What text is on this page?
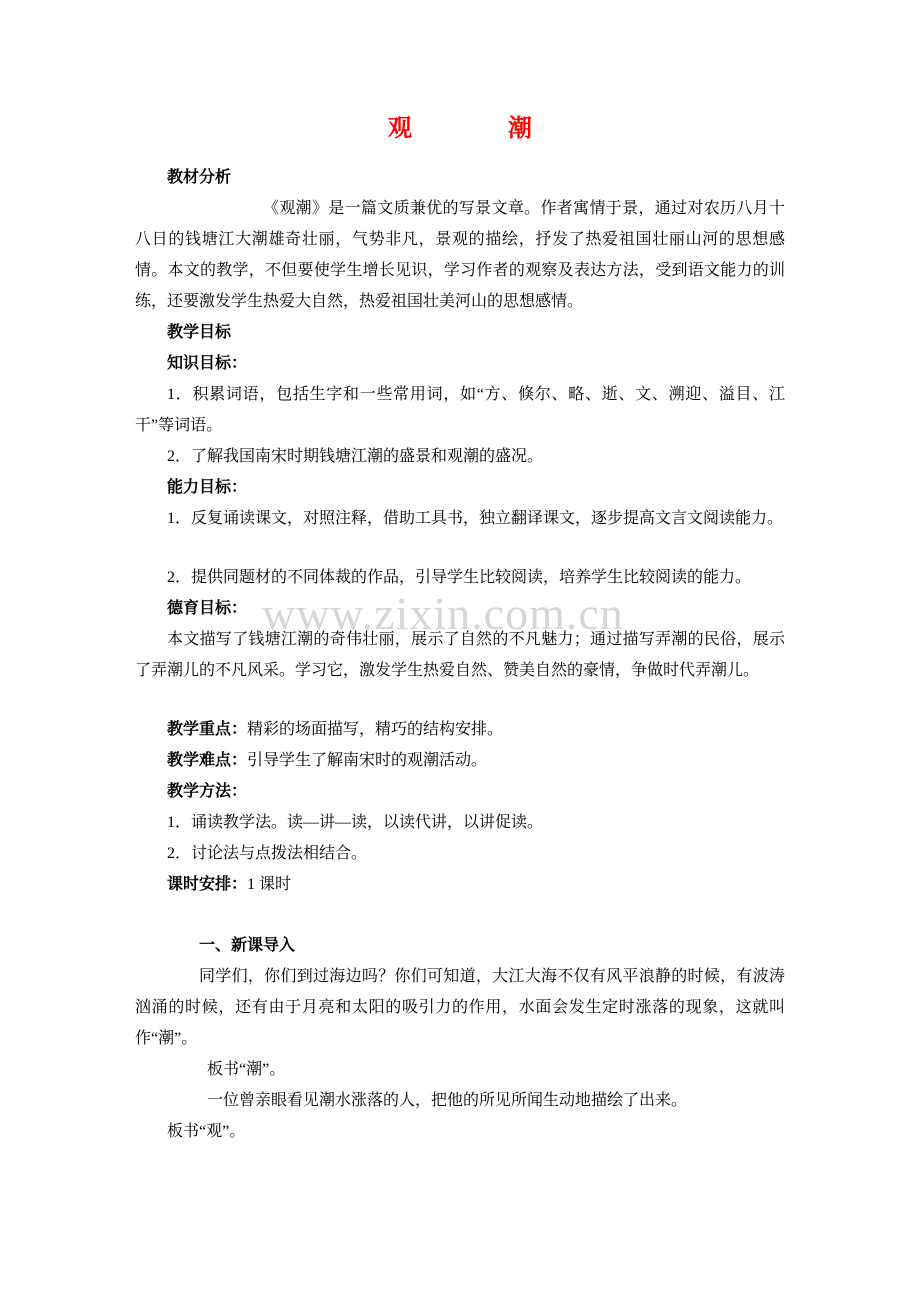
www.zixin.com.cn
观　　　　潮

教材分析

《观潮》是一篇文质兼优的写景文章。作者寓情于景，通过对农历八月十八日的钱塘江大潮雄奇壮丽，气势非凡，景观的描绘，抒发了热爱祖国壮丽山河的思想感情。本文的教学，不但要使学生增长见识，学习作者的观察及表达方法，受到语文能力的训练，还要激发学生热爱大自然，热爱祖国壮美河山的思想感情。

教学目标

知识目标：

1．积累词语，包括生字和一些常用词，如“方、倏尔、略、逝、文、溯迎、溢目、江干”等词语。

2．了解我国南宋时期钱塘江潮的盛景和观潮的盛况。

能力目标：

1．反复诵读课文，对照注释，借助工具书，独立翻译课文，逐步提高文言文阅读能力。

2．提供同题材的不同体裁的作品，引导学生比较阅读，培养学生比较阅读的能力。

德育目标：

本文描写了钱塘江潮的奇伟壮丽，展示了自然的不凡魅力；通过描写弄潮的民俗，展示了弄潮儿的不凡风采。学习它，激发学生热爱自然、赞美自然的豪情，争做时代弄潮儿。

教学重点：精彩的场面描写，精巧的结构安排。

教学难点：引导学生了解南宋时的观潮活动。

教学方法：

1．诵读教学法。读—讲—读，以读代讲，以讲促读。

2．讨论法与点拨法相结合。

课时安排：1 课时

一、新课导入

同学们，你们到过海边吗？你们可知道，大江大海不仅有风平浪静的时候，有波涛汹涌的时候，还有由于月亮和太阳的吸引力的作用，水面会发生定时涨落的现象，这就叫作“潮”。

板书“潮”。

一位曾亲眼看见潮水涨落的人，把他的所见所闻生动地描绘了出来。

板书“观”。
